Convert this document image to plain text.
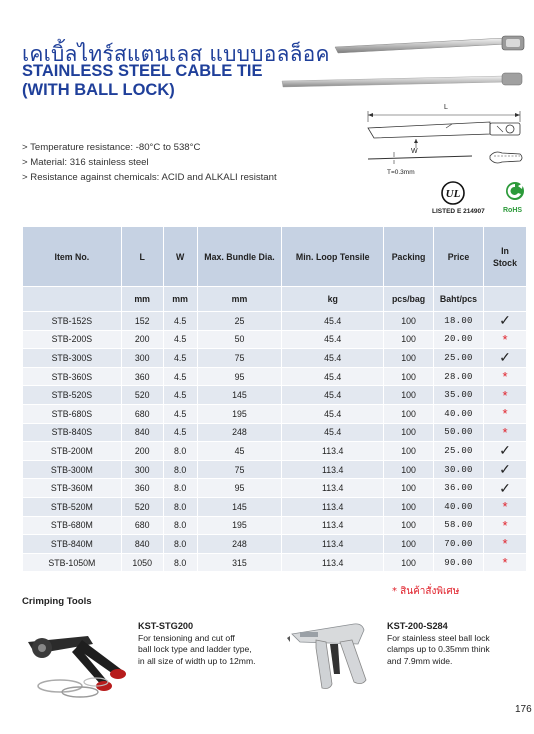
เคเบิ้ลไทร์สแตนเลส แบบบอลล็อค
STAINLESS STEEL CABLE TIE
(WITH BALL LOCK)
L
W
T=0.3mm
> Temperature resistance: -80°C to 538°C
> Material: 316 stainless steel
> Resistance against chemicals: ACID and ALKALI resistant
UL
LISTED E 214907	RoHS
Item No.	L	W	Max. Bundle Dia.	Min. Loop Tensile	Packing	Price	In Stock
	mm	mm	mm	kg	pcs/bag	Baht/pcs	
STB-152S	152	4.5	25	45.4	100	18.00	✓
STB-200S	200	4.5	50	45.4	100	20.00	*
STB-300S	300	4.5	75	45.4	100	25.00	✓
STB-360S	360	4.5	95	45.4	100	28.00	*
STB-520S	520	4.5	145	45.4	100	35.00	*
STB-680S	680	4.5	195	45.4	100	40.00	*
STB-840S	840	4.5	248	45.4	100	50.00	*
STB-200M	200	8.0	45	113.4	100	25.00	✓
STB-300M	300	8.0	75	113.4	100	30.00	✓
STB-360M	360	8.0	95	113.4	100	36.00	✓
STB-520M	520	8.0	145	113.4	100	40.00	*
STB-680M	680	8.0	195	113.4	100	58.00	*
STB-840M	840	8.0	248	113.4	100	70.00	*
STB-1050M	1050	8.0	315	113.4	100	90.00	*
* สินค้าสั่งพิเศษ
Crimping Tools
KST-STG200
For tensioning and cut off
ball lock type and ladder type,
in all size of width up to 12mm.
KST-200-S284
For stainless steel ball lock
clamps up to 0.35mm think
and 7.9mm wide.
176
